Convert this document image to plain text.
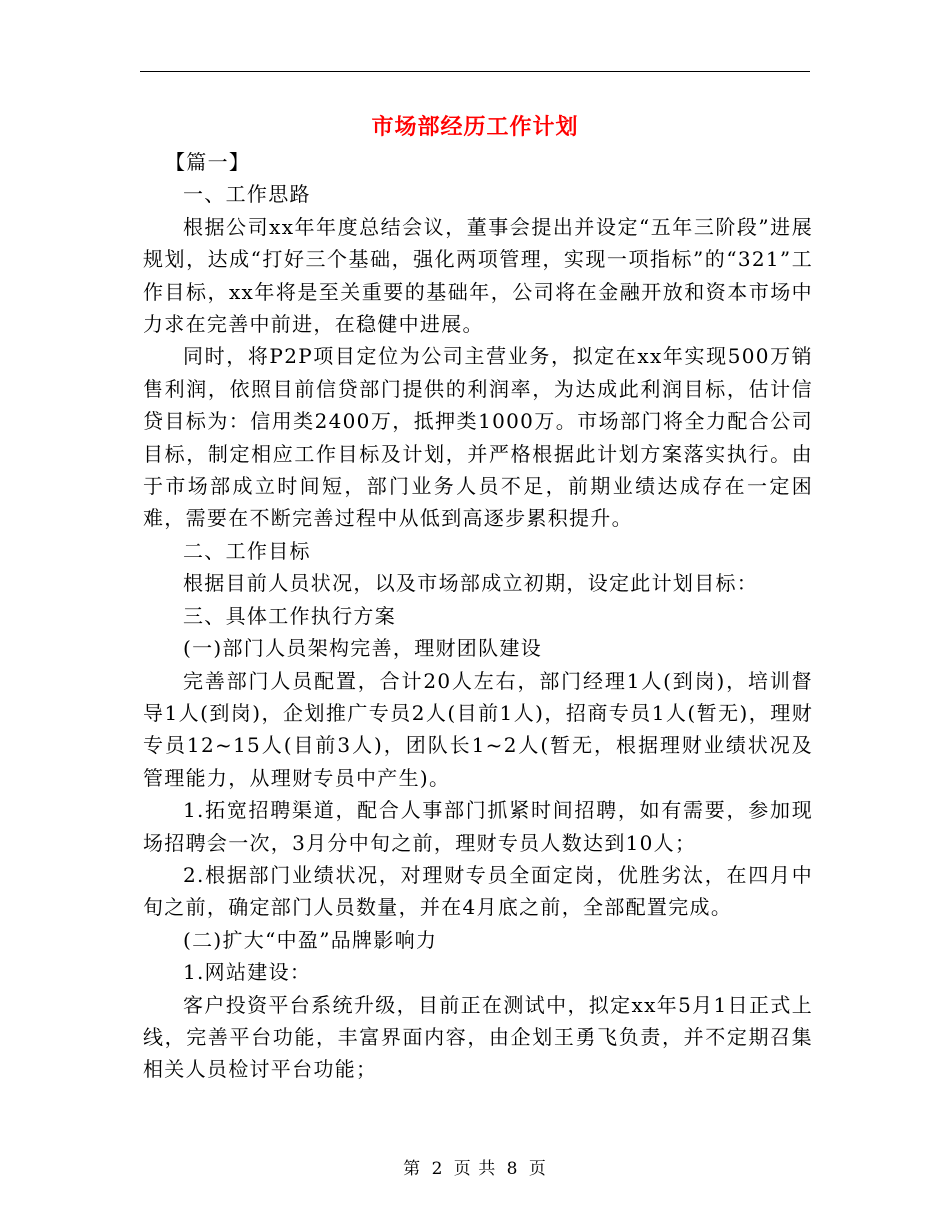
市场部经历工作计划

【篇一】

一、工作思路

根据公司xx年年度总结会议，董事会提出并设定“五年三阶段”进展规划，达成“打好三个基础，强化两项管理，实现一项指标”的“321”工作目标，xx年将是至关重要的基础年，公司将在金融开放和资本市场中力求在完善中前进，在稳健中进展。

同时，将P2P项目定位为公司主营业务，拟定在xx年实现500万销售利润，依照目前信贷部门提供的利润率，为达成此利润目标，估计信贷目标为：信用类2400万，抵押类1000万。市场部门将全力配合公司目标，制定相应工作目标及计划，并严格根据此计划方案落实执行。由于市场部成立时间短，部门业务人员不足，前期业绩达成存在一定困难，需要在不断完善过程中从低到高逐步累积提升。

二、工作目标

根据目前人员状况，以及市场部成立初期，设定此计划目标：

三、具体工作执行方案

(一)部门人员架构完善，理财团队建设

完善部门人员配置，合计20人左右，部门经理1人(到岗)，培训督导1人(到岗)，企划推广专员2人(目前1人)，招商专员1人(暂无)，理财专员12~15人(目前3人)，团队长1~2人(暂无，根据理财业绩状况及管理能力，从理财专员中产生)。

1.拓宽招聘渠道，配合人事部门抓紧时间招聘，如有需要，参加现场招聘会一次，3月分中旬之前，理财专员人数达到10人；

2.根据部门业绩状况，对理财专员全面定岗，优胜劣汰，在四月中旬之前，确定部门人员数量，并在4月底之前，全部配置完成。

(二)扩大“中盈”品牌影响力

1.网站建设：

客户投资平台系统升级，目前正在测试中，拟定xx年5月1日正式上线，完善平台功能，丰富界面内容，由企划王勇飞负责，并不定期召集相关人员检讨平台功能；

第 2 页 共 8 页
